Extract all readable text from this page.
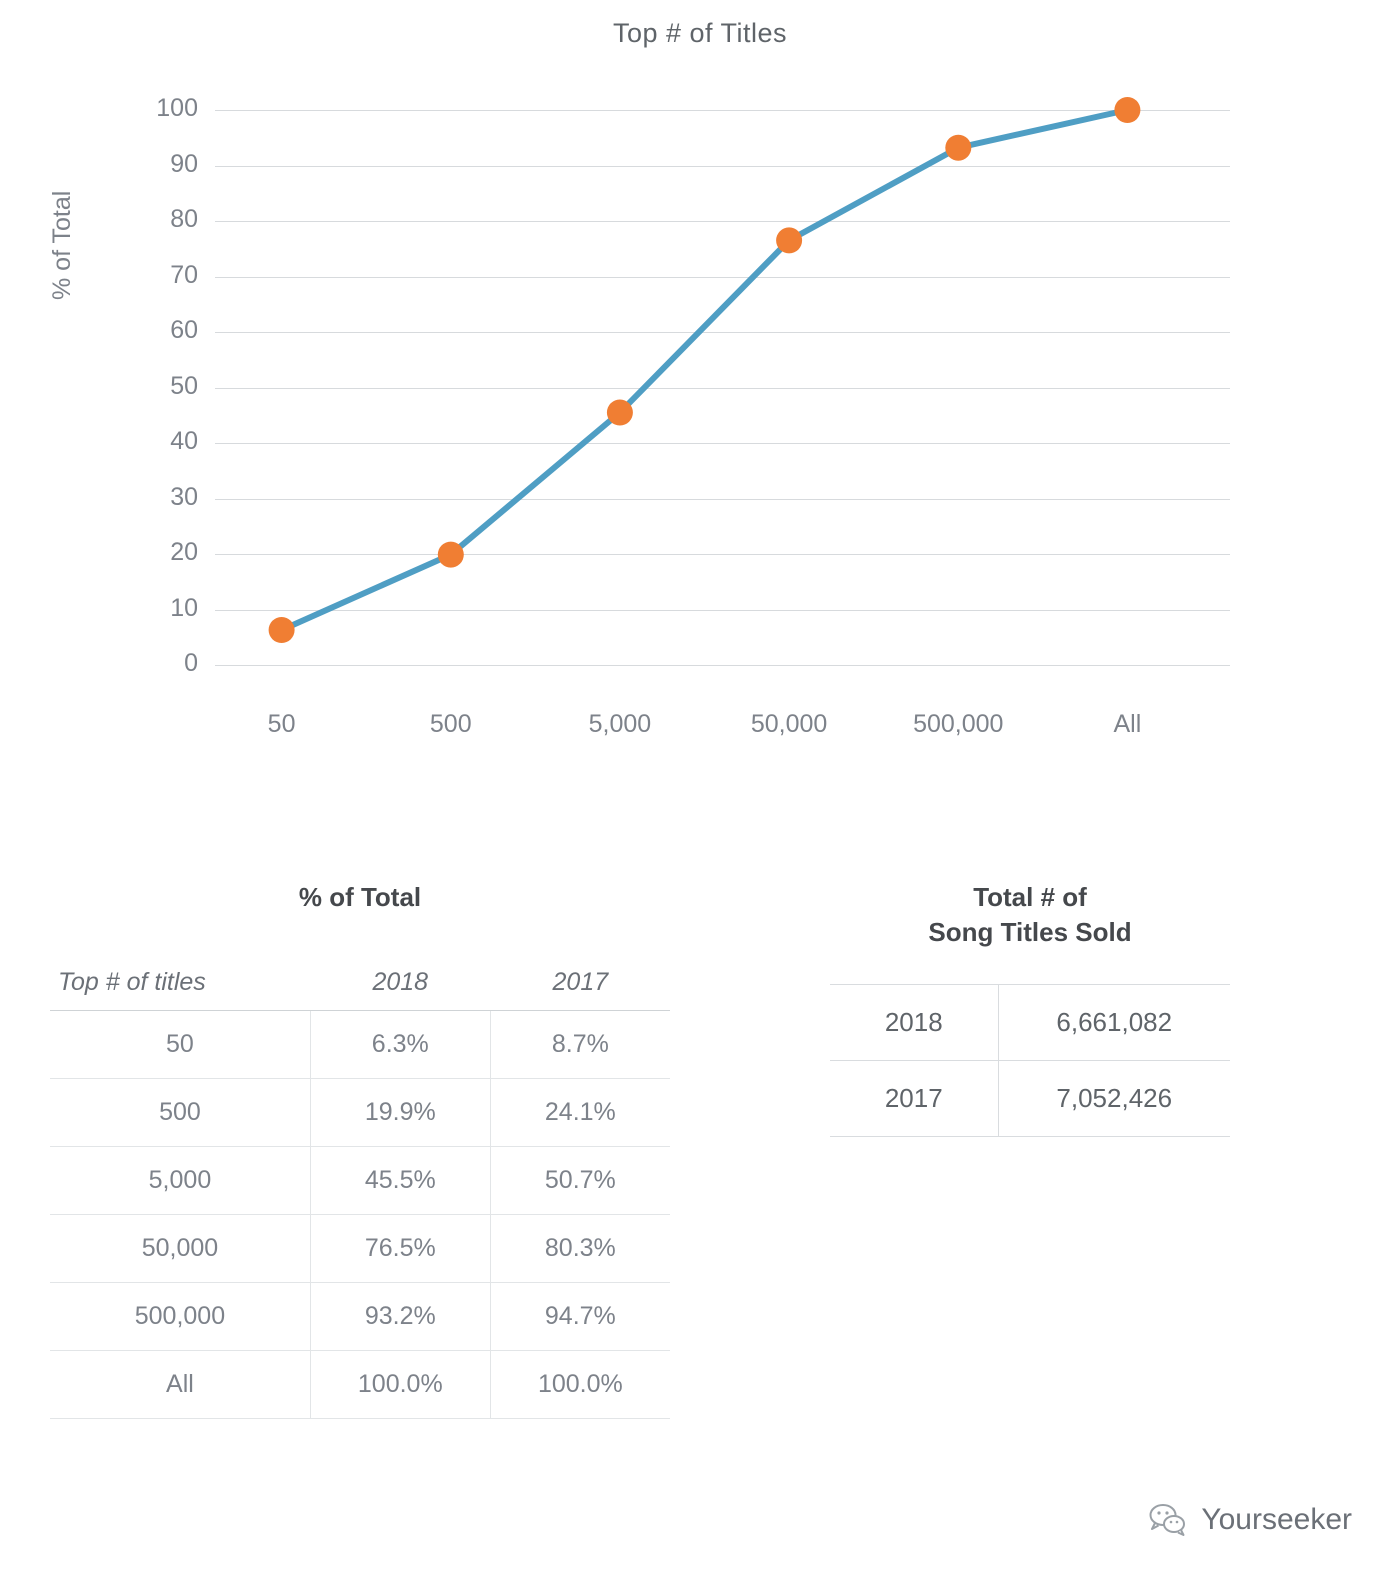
Top # of Titles
% of Total
0
10
20
30
40
50
60
70
80
90
100
50	500	5,000	50,000	500,000	All
% of Total
Top # of titles	2018	2017
50	6.3%	8.7%
500	19.9%	24.1%
5,000	45.5%	50.7%
50,000	76.5%	80.3%
500,000	93.2%	94.7%
All	100.0%	100.0%
Total # of
Song Titles Sold
2018	6,661,082
2017	7,052,426
Yourseeker
